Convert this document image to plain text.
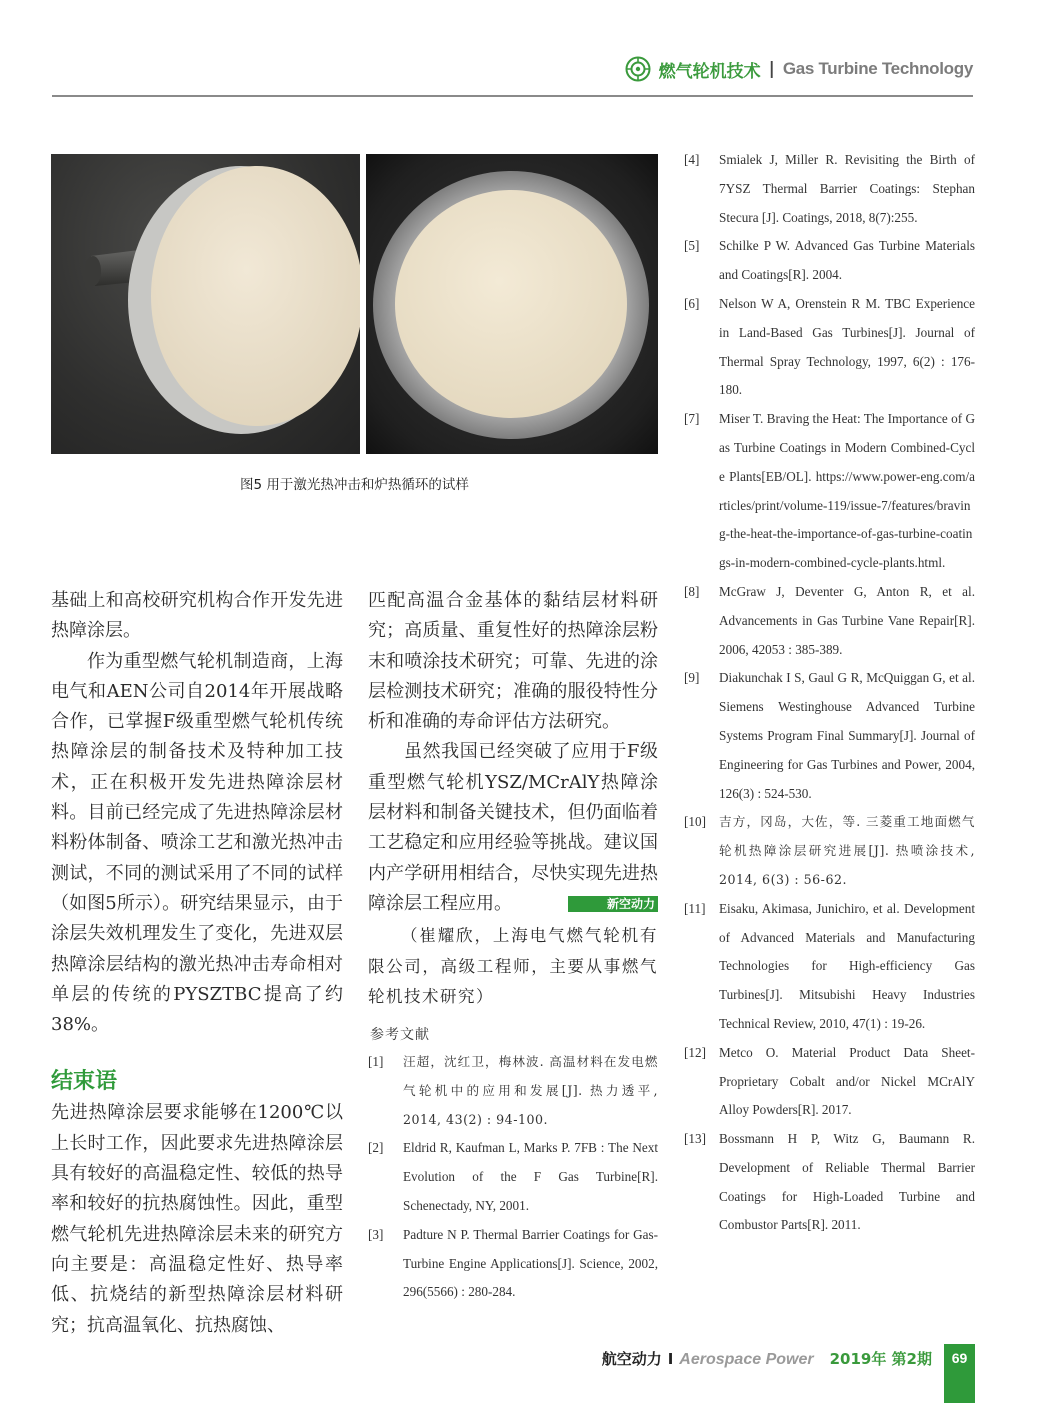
燃气轮机技术 | Gas Turbine Technology
图5 用于激光热冲击和炉热循环的试样

基础上和高校研究机构合作开发先进热障涂层。

作为重型燃气轮机制造商，上海电气和AEN公司自2014年开展战略合作，已掌握F级重型燃气轮机传统热障涂层的制备技术及特种加工技术，正在积极开发先进热障涂层材料。目前已经完成了先进热障涂层材料粉体制备、喷涂工艺和激光热冲击测试，不同的测试采用了不同的试样（如图5所示）。研究结果显示，由于涂层失效机理发生了变化，先进双层热障涂层结构的激光热冲击寿命相对单层的传统的PYSZTBC提高了约38%。

结束语

先进热障涂层要求能够在1200℃以上长时工作，因此要求先进热障涂层具有较好的高温稳定性、较低的热导率和较好的抗热腐蚀性。因此，重型燃气轮机先进热障涂层未来的研究方向主要是：高温稳定性好、热导率低、抗烧结的新型热障涂层材料研究；抗高温氧化、抗热腐蚀、

匹配高温合金基体的黏结层材料研究；高质量、重复性好的热障涂层粉末和喷涂技术研究；可靠、先进的涂层检测技术研究；准确的服役特性分析和准确的寿命评估方法研究。

虽然我国已经突破了应用于F级重型燃气轮机YSZ/MCrAlY热障涂层材料和制备关键技术，但仍面临着工艺稳定和应用经验等挑战。建议国内产学研用相结合，尽快实现先进热障涂层工程应用。	新空动力

（崔耀欣，上海电气燃气轮机有限公司，高级工程师，主要从事燃气轮机技术研究）

参考文献
[1] 汪超，沈红卫，梅林波. 高温材料在发电燃气轮机中的应用和发展[J]. 热力透平, 2014, 43(2) : 94-100.
[2] Eldrid R, Kaufman L, Marks P. 7FB : The Next Evolution of the F Gas Turbine[R]. Schenectady, NY, 2001.
[3] Padture N P. Thermal Barrier Coatings for Gas-Turbine Engine Applications[J]. Science, 2002, 296(5566) : 280-284.
[4] Smialek J, Miller R. Revisiting the Birth of 7YSZ Thermal Barrier Coatings: Stephan Stecura [J]. Coatings, 2018, 8(7):255.
[5] Schilke P W. Advanced Gas Turbine Materials and Coatings[R]. 2004.
[6] Nelson W A, Orenstein R M. TBC Experience in Land-Based Gas Turbines[J]. Journal of Thermal Spray Technology, 1997, 6(2) : 176-180.
[7] Miser T. Braving the Heat: The Importance of Gas Turbine Coatings in Modern Combined-Cycle Plants[EB/OL]. https://www.power-eng.com/articles/print/volume-119/issue-7/features/braving-the-heat-the-importance-of-gas-turbine-coatings-in-modern-combined-cycle-plants.html.
[8] McGraw J, Deventer G, Anton R, et al. Advancements in Gas Turbine Vane Repair[R]. 2006, 42053 : 385-389.
[9] Diakunchak I S, Gaul G R, McQuiggan G, et al. Siemens Westinghouse Advanced Turbine Systems Program Final Summary[J]. Journal of Engineering for Gas Turbines and Power, 2004, 126(3) : 524-530.
[10] 吉方，冈岛，大佐，等. 三菱重工地面燃气轮机热障涂层研究进展[J]. 热喷涂技术, 2014, 6(3) : 56-62.
[11] Eisaku, Akimasa, Junichiro, et al. Development of Advanced Materials and Manufacturing Technologies for High-efficiency Gas Turbines[J]. Mitsubishi Heavy Industries Technical Review, 2010, 47(1) : 19-26.
[12] Metco O. Material Product Data Sheet-Proprietary Cobalt and/or Nickel MCrAlY Alloy Powders[R]. 2017.
[13] Bossmann H P, Witz G, Baumann R. Development of Reliable Thermal Barrier Coatings for High-Loaded Turbine and Combustor Parts[R]. 2011.
航空动力 I Aerospace Power 2019年 第2期	69
